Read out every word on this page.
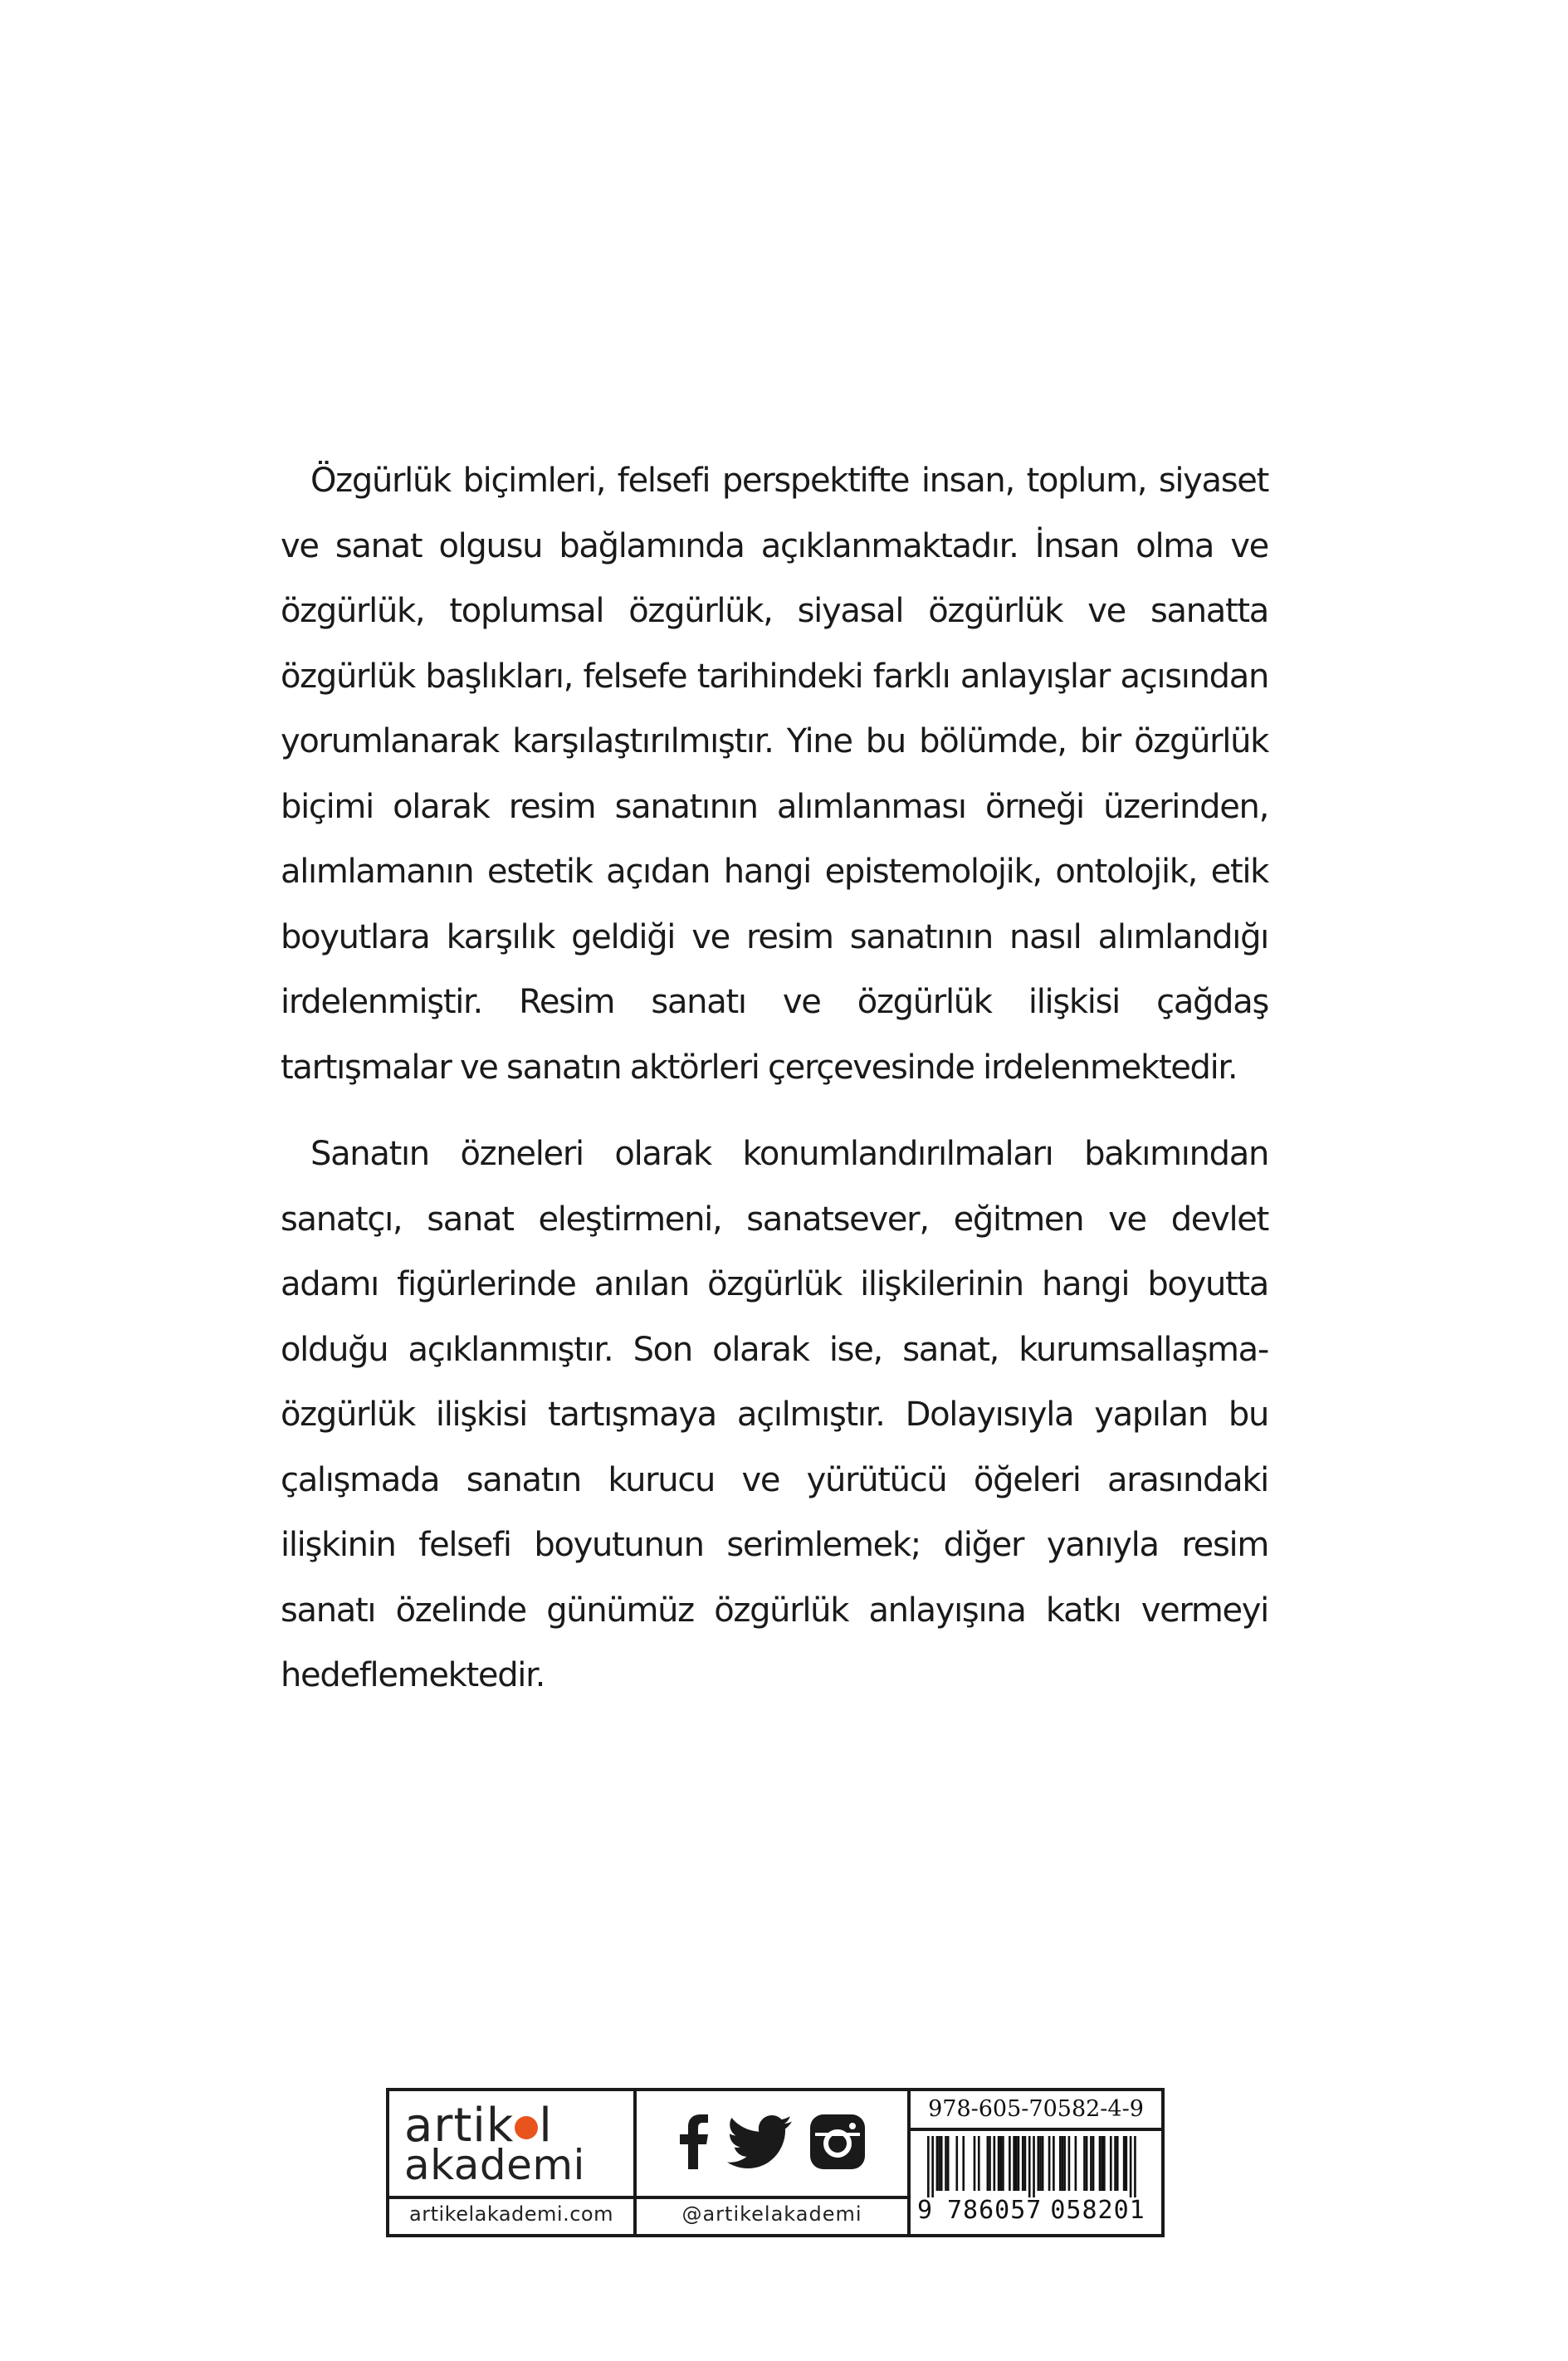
Özgürlük biçimleri, felsefi perspektifte insan, toplum, siyaset ve sanat olgusu bağlamında açıklanmaktadır. İnsan olma ve özgürlük, toplumsal özgürlük, siyasal özgürlük ve sanatta özgürlük başlıkları, felsefe tarihindeki farklı anlayışlar açısından yorumlanarak karşılaştırılmıştır. Yine bu bölümde, bir özgürlük biçimi olarak resim sanatının alımlanması örneği üzerinden, alımlamanın estetik açıdan hangi epistemolojik, ontolojik, etik boyutlara karşılık geldiği ve resim sanatının nasıl alımlandığı irdelenmiştir. Resim sanatı ve özgürlük ilişkisi çağdaş tartışmalar ve sanatın aktörleri çerçevesinde irdelenmektedir.

Sanatın özneleri olarak konumlandırılmaları bakımından sanatçı, sanat eleştirmeni, sanatsever, eğitmen ve devlet adamı figürlerinde anılan özgürlük ilişkilerinin hangi boyutta olduğu açıklanmıştır. Son olarak ise, sanat, kurumsallaşma-özgürlük ilişkisi tartışmaya açılmıştır. Dolayısıyla yapılan bu çalışmada sanatın kurucu ve yürütücü öğeleri arasındaki ilişkinin felsefi boyutunun serimlemek; diğer yanıyla resim sanatı özelinde günümüz özgürlük anlayışına katkı vermeyi hedeflemektedir.

artik l
akademi
artikelakademi.com	@artikelakademi
978-605-70582-4-9
9 786057 058201
